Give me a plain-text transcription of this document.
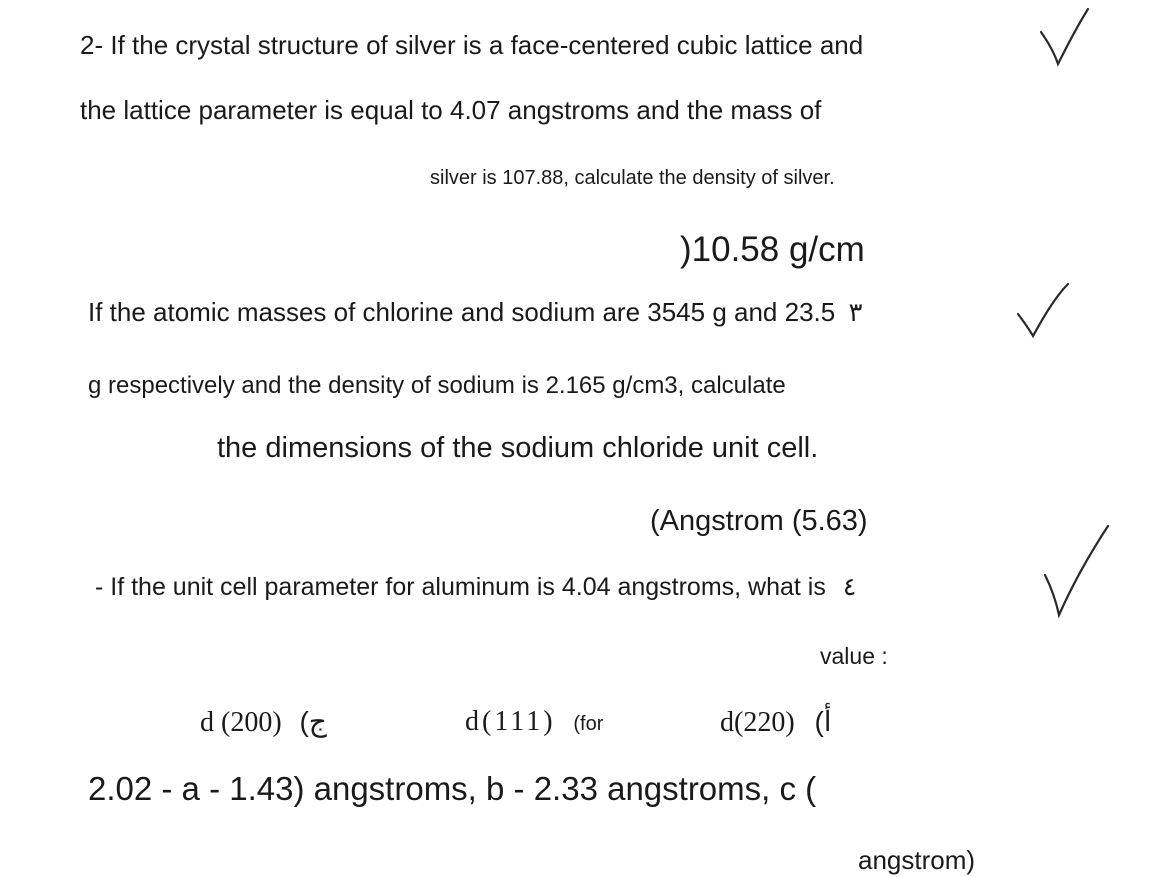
2- If the crystal structure of silver is a face-centered cubic lattice and
the lattice parameter is equal to 4.07 angstroms and the mass of
silver is 107.88, calculate the density of silver.
)10.58 g/cm
If the atomic masses of chlorine and sodium are 3545 g and 23.5 ٣
g respectively and the density of sodium is 2.165 g/cm3, calculate
the dimensions of the sodium chloride unit cell.
(Angstrom (5.63)
- If the unit cell parameter for aluminum is 4.04 angstroms, what is ٤
value :
d (200) (ج	d(111) (for	d(220) (أ
2.02 - a - 1.43) angstroms, b - 2.33 angstroms, c (
angstrom)
